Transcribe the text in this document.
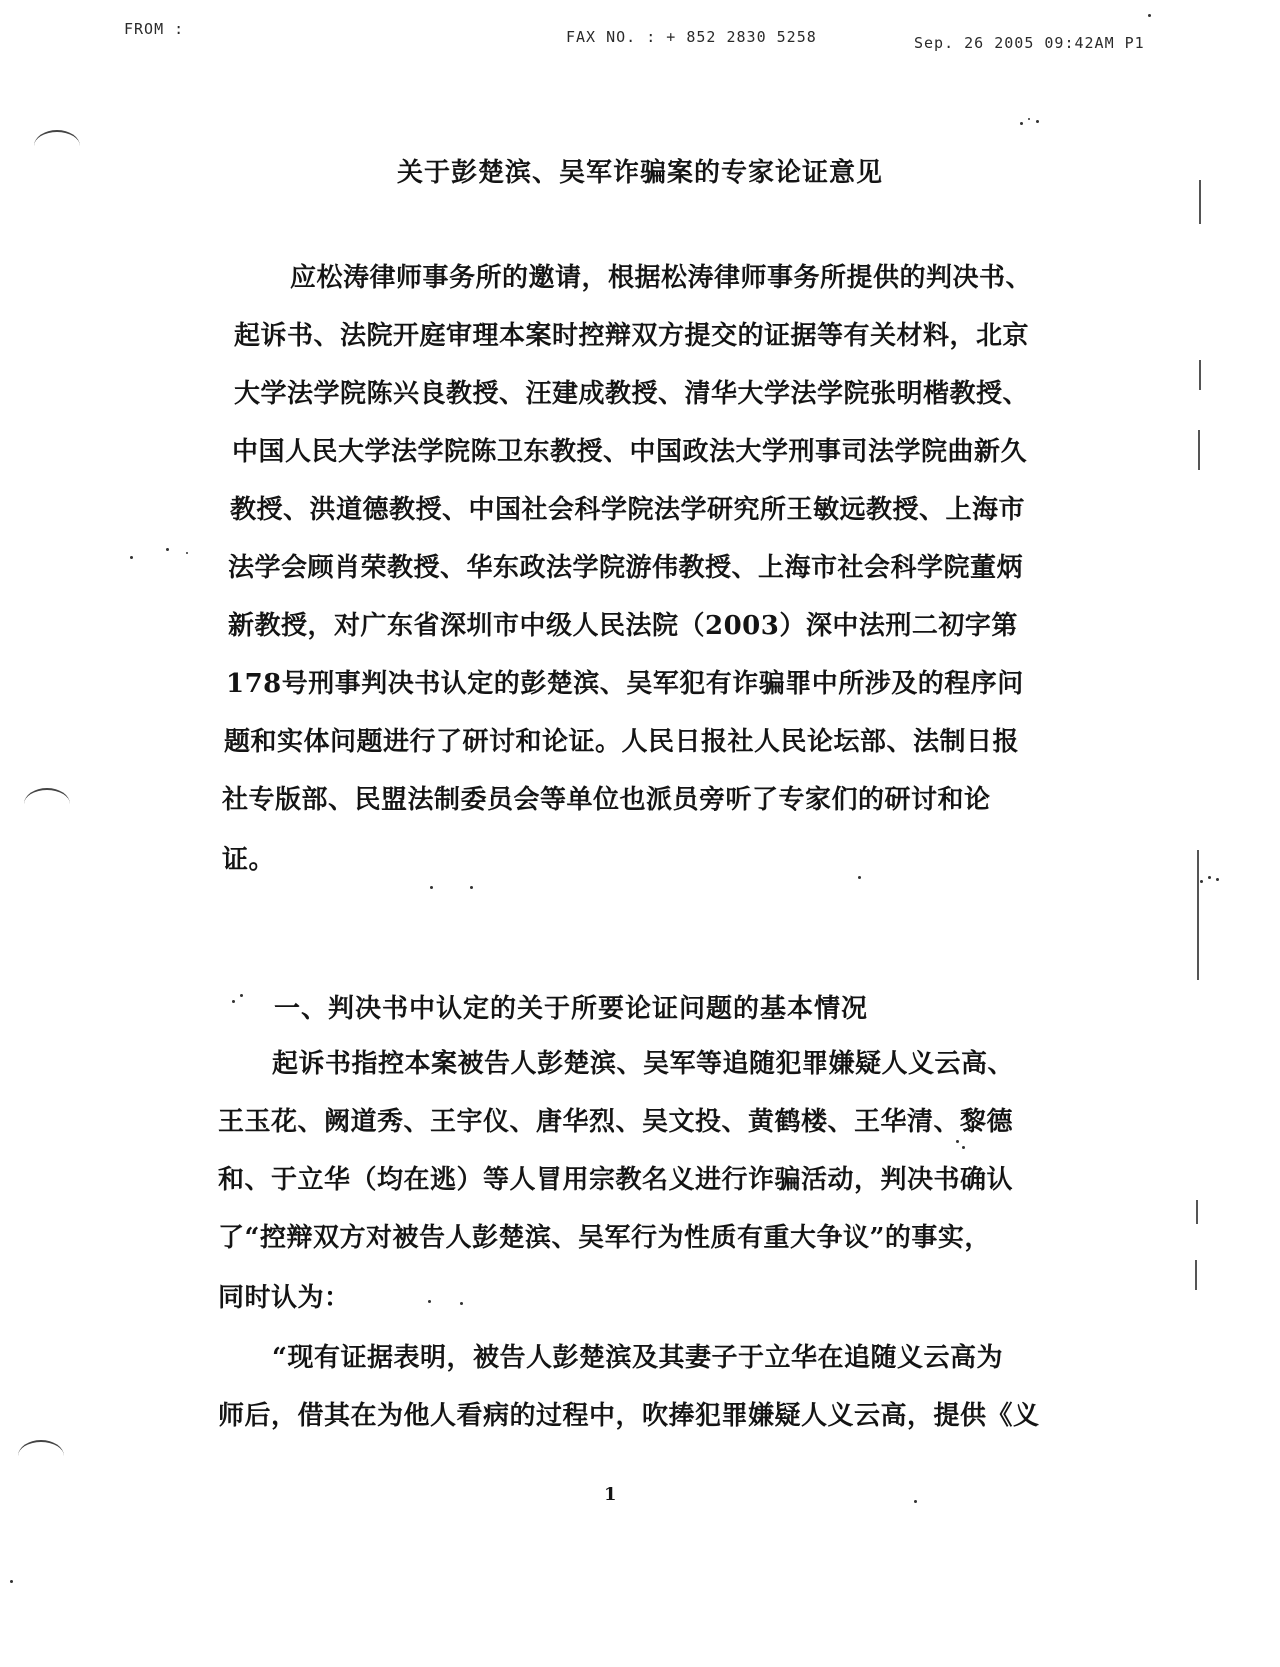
FROM :	FAX NO. : + 852 2830 5258	Sep. 26 2005 09:42AM P1
关于彭楚滨、吴军诈骗案的专家论证意见
应松涛律师事务所的邀请，根据松涛律师事务所提供的判决书、
起诉书、法院开庭审理本案时控辩双方提交的证据等有关材料，北京
大学法学院陈兴良教授、汪建成教授、清华大学法学院张明楷教授、
中国人民大学法学院陈卫东教授、中国政法大学刑事司法学院曲新久
教授、洪道德教授、中国社会科学院法学研究所王敏远教授、上海市
法学会顾肖荣教授、华东政法学院游伟教授、上海市社会科学院董炳
新教授，对广东省深圳市中级人民法院（2003）深中法刑二初字第
178号刑事判决书认定的彭楚滨、吴军犯有诈骗罪中所涉及的程序问
题和实体问题进行了研讨和论证。人民日报社人民论坛部、法制日报
社专版部、民盟法制委员会等单位也派员旁听了专家们的研讨和论
证。
一、判决书中认定的关于所要论证问题的基本情况
起诉书指控本案被告人彭楚滨、吴军等追随犯罪嫌疑人义云高、
王玉花、阙道秀、王宇仪、唐华烈、吴文投、黄鹤楼、王华清、黎德
和、于立华（均在逃）等人冒用宗教名义进行诈骗活动，判决书确认
了“控辩双方对被告人彭楚滨、吴军行为性质有重大争议”的事实，
同时认为：
“现有证据表明，被告人彭楚滨及其妻子于立华在追随义云高为
师后，借其在为他人看病的过程中，吹捧犯罪嫌疑人义云高，提供《义
1
